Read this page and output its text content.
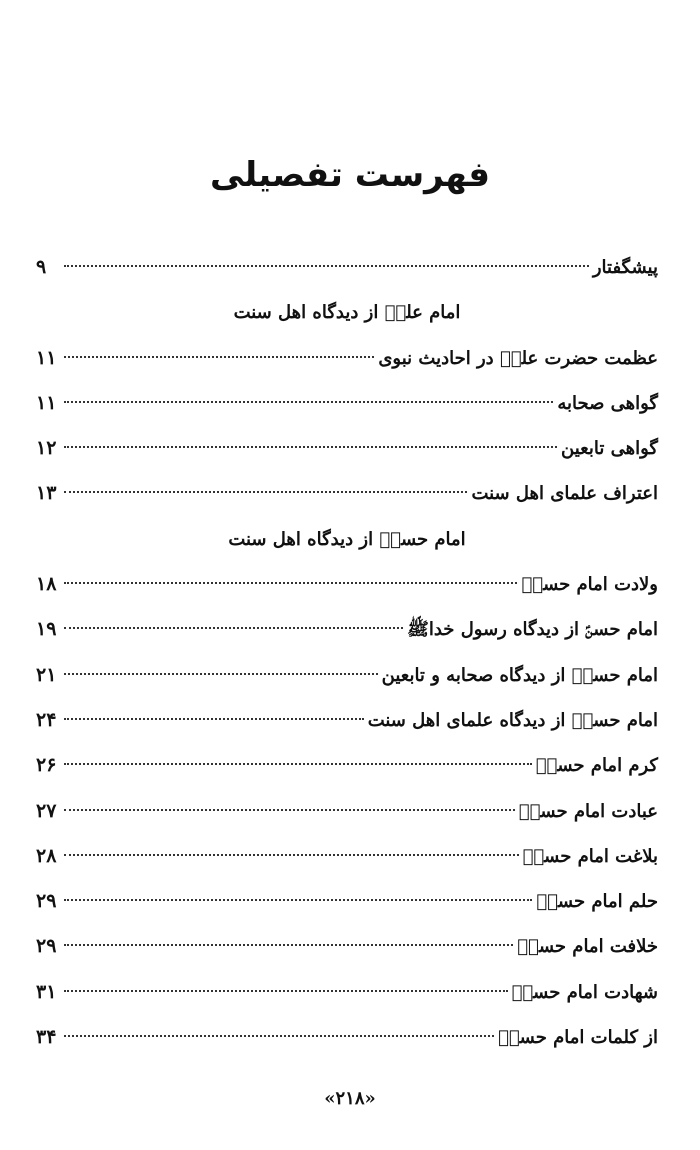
فهرست تفصیلی
پیشگفتار
۹
امام علیؑ از دیدگاه اهل سنت
عظمت حضرت علیؑ در احادیث نبوی
۱۱
گواهی صحابه
۱۱
گواهی تابعین
۱۲
اعتراف علمای اهل سنت
۱۳
امام حسنؑ از دیدگاه اهل سنت
ولادت امام حسنؑ
۱۸
امام حسنؑ از دیدگاه رسول خداﷺ
۱۹
امام حسنؑ از دیدگاه صحابه و تابعین
۲۱
امام حسنؑ از دیدگاه علمای اهل سنت
۲۴
کرم امام حسنؑ
۲۶
عبادت امام حسنؑ
۲۷
بلاغت امام حسنؑ
۲۸
حلم امام حسنؑ
۲۹
خلافت امام حسنؑ
۲۹
شهادت امام حسنؑ
۳۱
از کلمات امام حسنؑ
۳۴
«۲۱۸»
